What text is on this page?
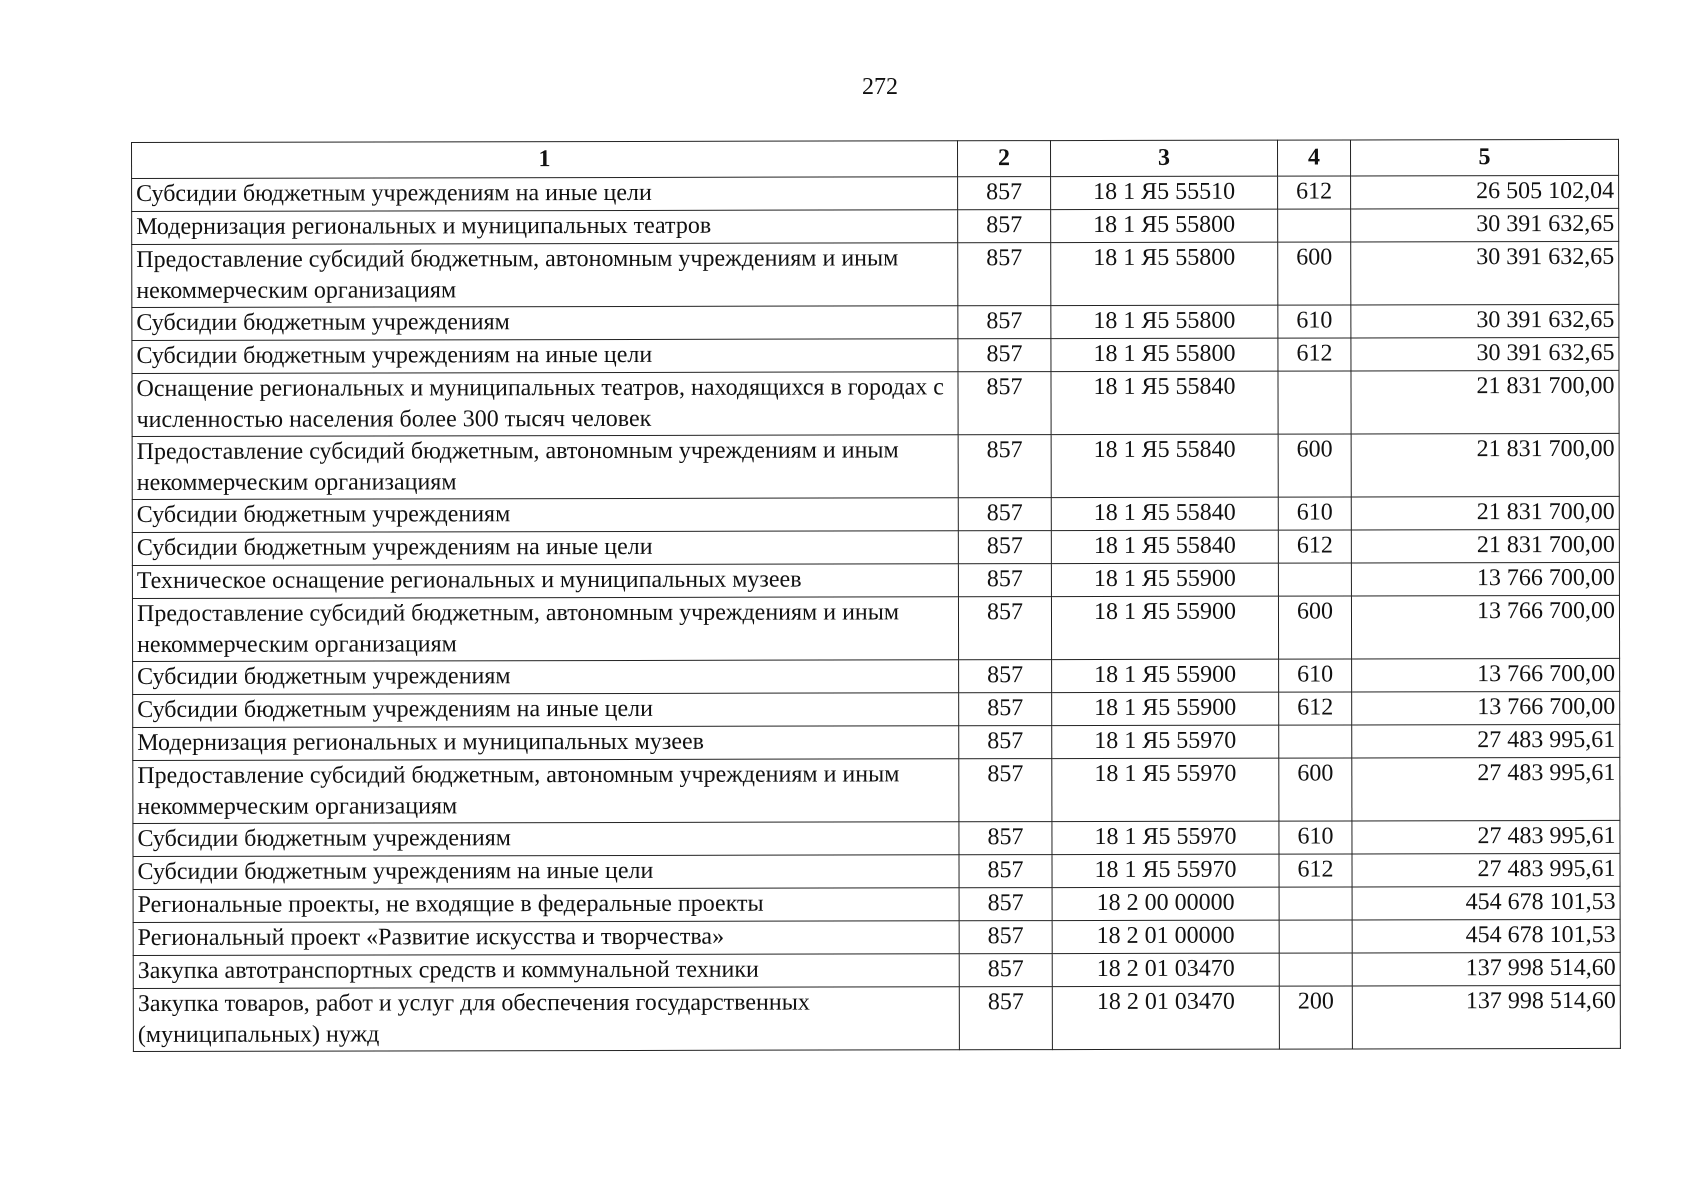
272
1	2	3	4	5
Субсидии бюджетным учреждениям на иные цели	857	18 1 Я5 55510	612	26 505 102,04
Модернизация региональных и муниципальных театров	857	18 1 Я5 55800		30 391 632,65
Предоставление субсидий бюджетным, автономным учреждениям и иным некоммерческим организациям	857	18 1 Я5 55800	600	30 391 632,65
Субсидии бюджетным учреждениям	857	18 1 Я5 55800	610	30 391 632,65
Субсидии бюджетным учреждениям на иные цели	857	18 1 Я5 55800	612	30 391 632,65
Оснащение региональных и муниципальных театров, находящихся в городах с численностью населения более 300 тысяч человек	857	18 1 Я5 55840		21 831 700,00
Предоставление субсидий бюджетным, автономным учреждениям и иным некоммерческим организациям	857	18 1 Я5 55840	600	21 831 700,00
Субсидии бюджетным учреждениям	857	18 1 Я5 55840	610	21 831 700,00
Субсидии бюджетным учреждениям на иные цели	857	18 1 Я5 55840	612	21 831 700,00
Техническое оснащение региональных и муниципальных музеев	857	18 1 Я5 55900		13 766 700,00
Предоставление субсидий бюджетным, автономным учреждениям и иным некоммерческим организациям	857	18 1 Я5 55900	600	13 766 700,00
Субсидии бюджетным учреждениям	857	18 1 Я5 55900	610	13 766 700,00
Субсидии бюджетным учреждениям на иные цели	857	18 1 Я5 55900	612	13 766 700,00
Модернизация региональных и муниципальных музеев	857	18 1 Я5 55970		27 483 995,61
Предоставление субсидий бюджетным, автономным учреждениям и иным некоммерческим организациям	857	18 1 Я5 55970	600	27 483 995,61
Субсидии бюджетным учреждениям	857	18 1 Я5 55970	610	27 483 995,61
Субсидии бюджетным учреждениям на иные цели	857	18 1 Я5 55970	612	27 483 995,61
Региональные проекты, не входящие в федеральные проекты	857	18 2 00 00000		454 678 101,53
Региональный проект «Развитие искусства и творчества»	857	18 2 01 00000		454 678 101,53
Закупка автотранспортных средств и коммунальной техники	857	18 2 01 03470		137 998 514,60
Закупка товаров, работ и услуг для обеспечения государственных (муниципальных) нужд	857	18 2 01 03470	200	137 998 514,60
